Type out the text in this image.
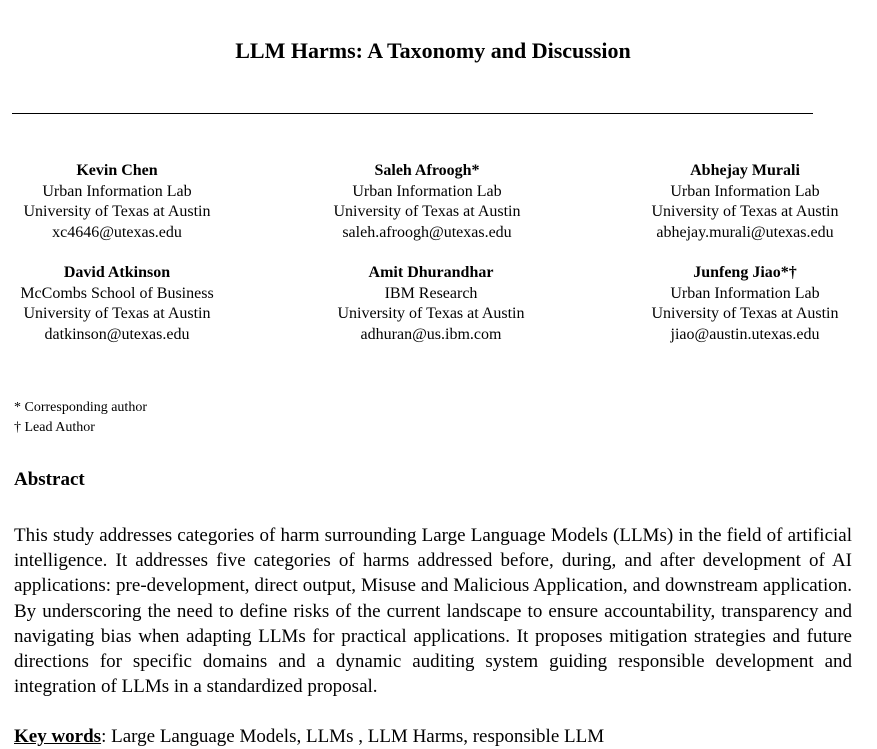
LLM Harms: A Taxonomy and Discussion
Kevin Chen
Urban Information Lab
University of Texas at Austin
xc4646@utexas.edu
Saleh Afroogh*
Urban Information Lab
University of Texas at Austin
saleh.afroogh@utexas.edu
Abhejay Murali
Urban Information Lab
University of Texas at Austin
abhejay.murali@utexas.edu
David Atkinson
McCombs School of Business
University of Texas at Austin
datkinson@utexas.edu
Amit Dhurandhar
IBM Research
University of Texas at Austin
adhuran@us.ibm.com
Junfeng Jiao*†
Urban Information Lab
University of Texas at Austin
jiao@austin.utexas.edu
* Corresponding author
† Lead Author
Abstract
This study addresses categories of harm surrounding Large Language Models (LLMs) in the field of artificial intelligence. It addresses five categories of harms addressed before, during, and after development of AI applications: pre-development, direct output, Misuse and Malicious Application, and downstream application. By underscoring the need to define risks of the current landscape to ensure accountability, transparency and navigating bias when adapting LLMs for practical applications. It proposes mitigation strategies and future directions for specific domains and a dynamic auditing system guiding responsible development and integration of LLMs in a standardized proposal.
Key words: Large Language Models, LLMs , LLM Harms, responsible LLM
